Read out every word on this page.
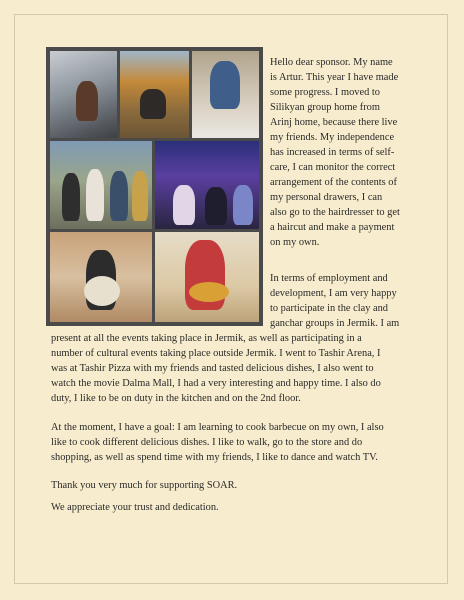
Hello dear sponsor. My name
is Artur. This year I have made
some progress. I moved to
Silikyan group home from
Arinj home, because there live
my friends. My independence
has increased in terms of self-
care, I can monitor the correct
arrangement of the contents of
my personal drawers, I can
also go to the hairdresser to get
a haircut and make a payment
on my own.
In terms of employment and
development, I am very happy
to participate in the clay and
ganchar groups in Jermik. I am
present at all the events taking place in Jermik, as well as participating in a
number of cultural events taking place outside Jermik. I went to Tashir Arena, I
was at Tashir Pizza with my friends and tasted delicious dishes, I also went to
watch the movie Dalma Mall, I had a very interesting and happy time. I also do
duty, I like to be on duty in the kitchen and on the 2nd floor.
At the moment, I have a goal: I am learning to cook barbecue on my own, I also
like to cook different delicious dishes. I like to walk, go to the store and do
shopping, as well as spend time with my friends, I like to dance and watch TV.
Thank you very much for supporting SOAR.
We appreciate your trust and dedication.
